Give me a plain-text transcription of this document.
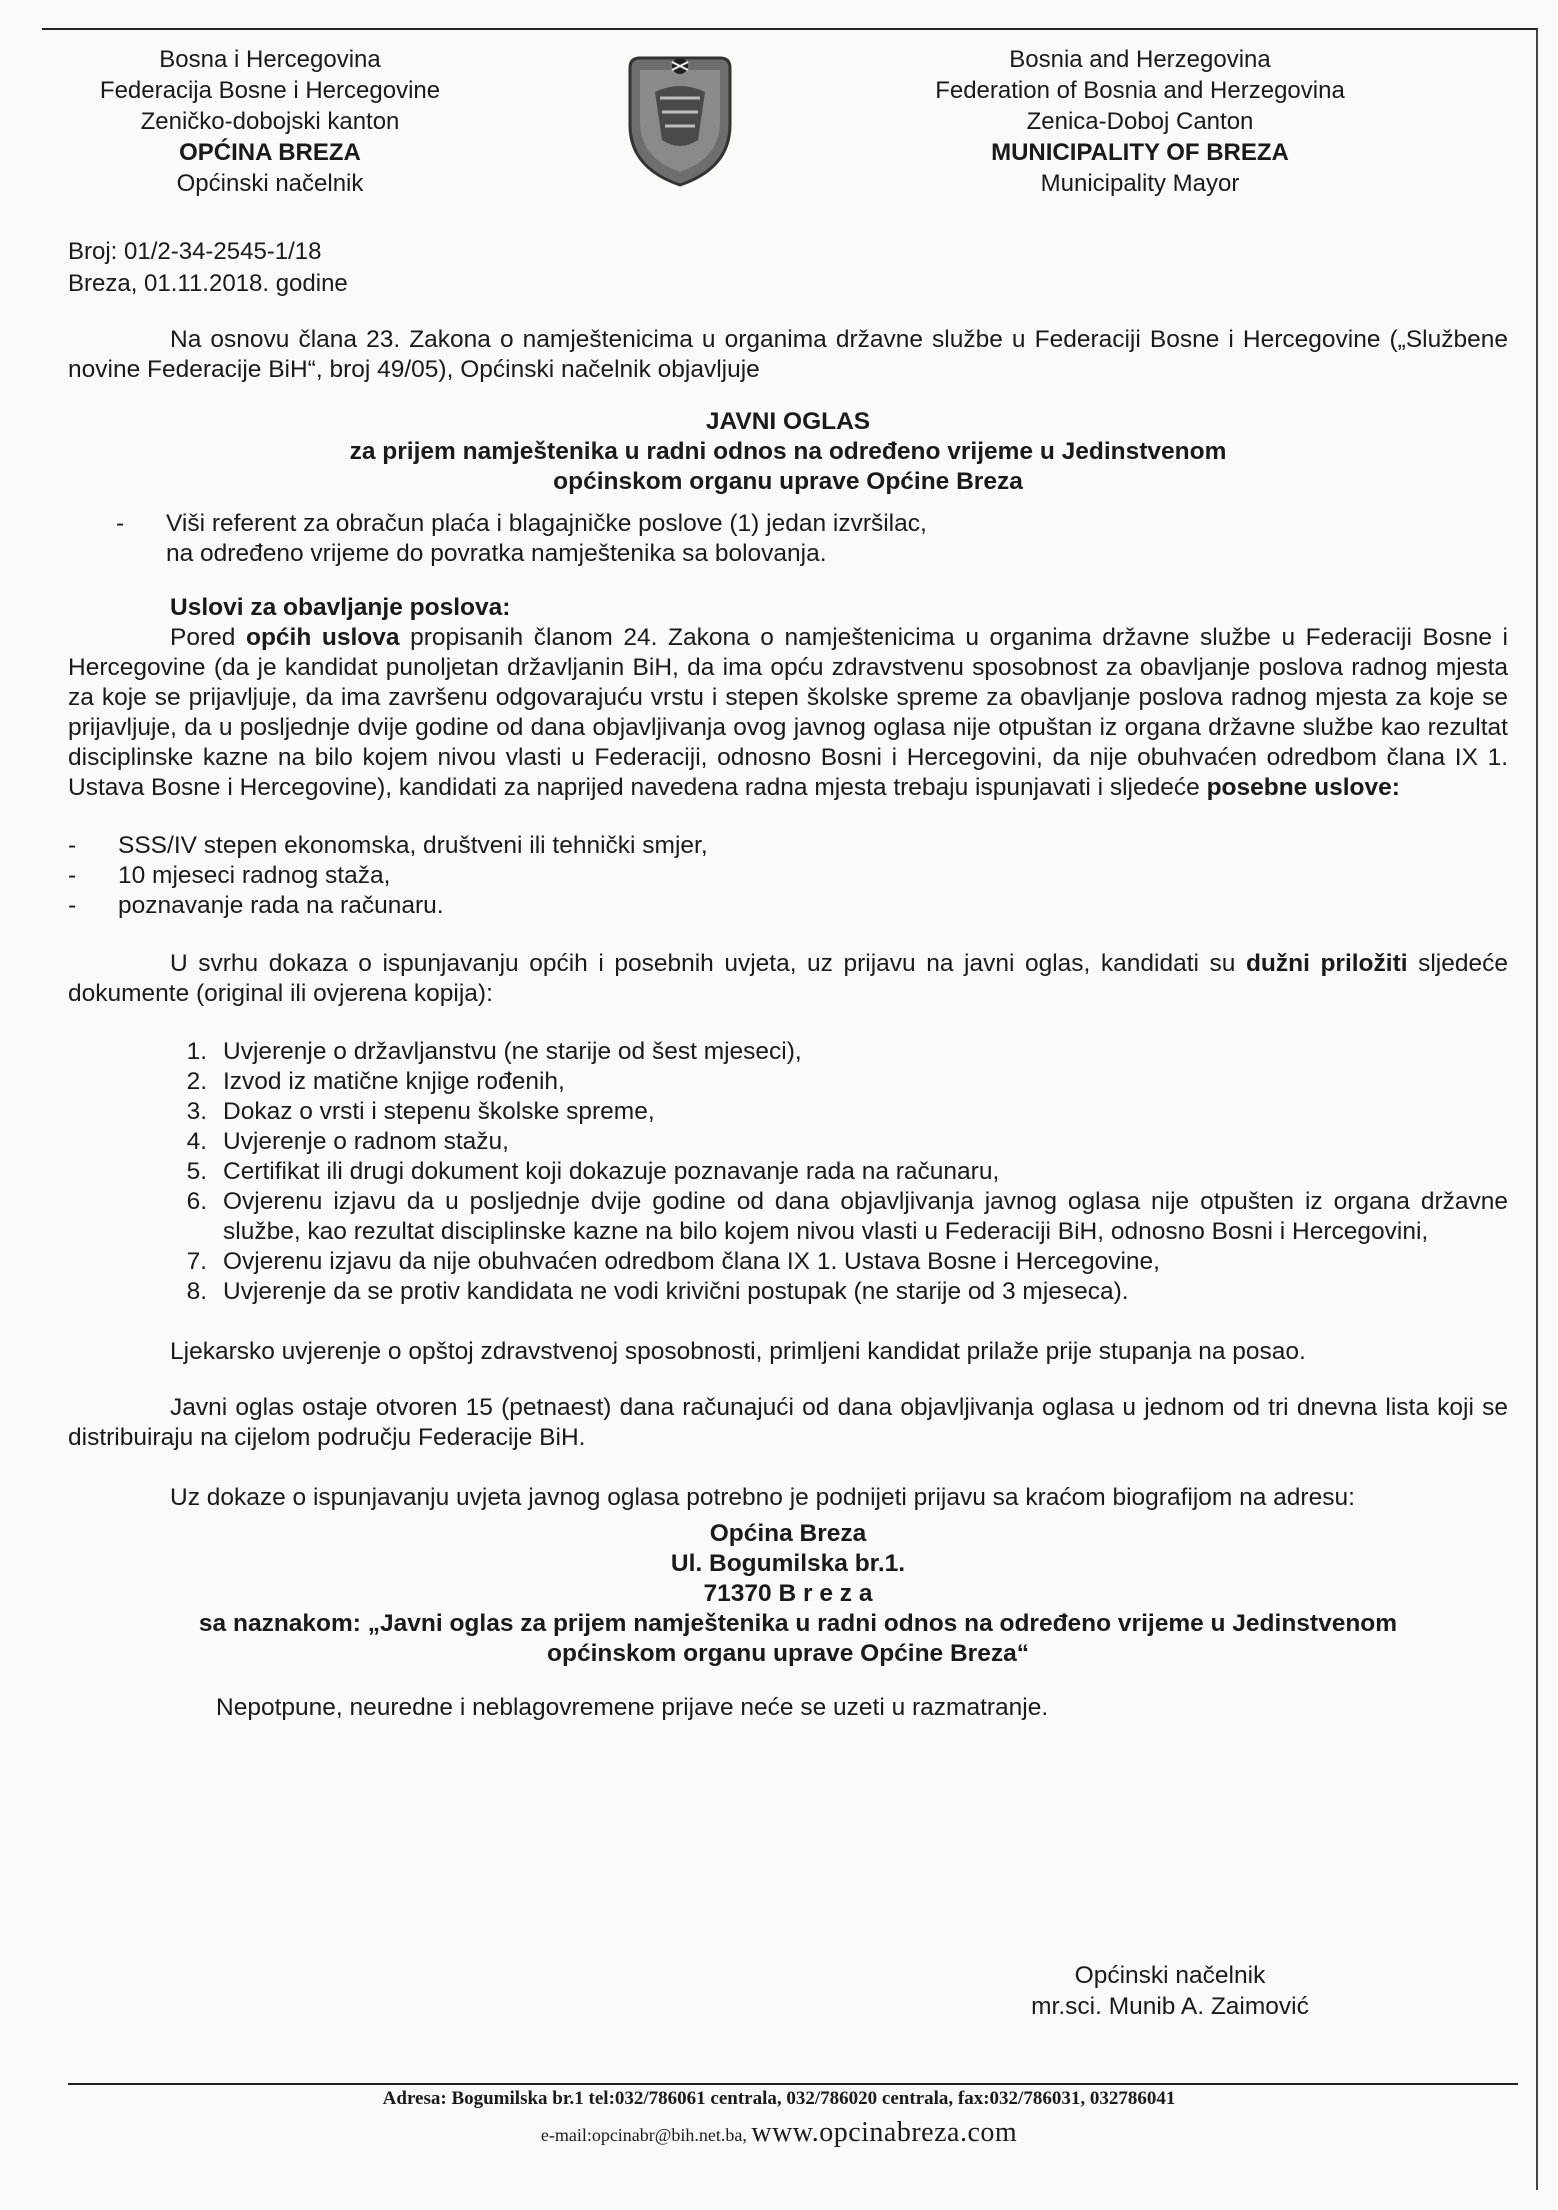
Bosna i Hercegovina
Federacija Bosne i Hercegovine
Zeničko-dobojski kanton
OPĆINA BREZA
Općinski načelnik
Bosnia and Herzegovina
Federation of Bosnia and Herzegovina
Zenica-Doboj Canton
MUNICIPALITY OF BREZA
Municipality Mayor
Broj: 01/2-34-2545-1/18
Breza, 01.11.2018. godine

Na osnovu člana 23. Zakona o namještenicima u organima državne službe u Federaciji Bosne i Hercegovine („Službene novine Federacije BiH“, broj 49/05), Općinski načelnik objavljuje

JAVNI OGLAS

za prijem namještenika u radni odnos na određeno vrijeme u Jedinstvenom

općinskom organu uprave Općine Breza

-	Viši referent za obračun plaća i blagajničke poslove (1) jedan izvršilac,
na određeno vrijeme do povratka namještenika sa bolovanja.

Uslovi za obavljanje poslova:

Pored općih uslova propisanih članom 24. Zakona o namještenicima u organima državne službe u Federaciji Bosne i Hercegovine (da je kandidat punoljetan državljanin BiH, da ima opću zdravstvenu sposobnost za obavljanje poslova radnog mjesta za koje se prijavljuje, da ima završenu odgovarajuću vrstu i stepen školske spreme za obavljanje poslova radnog mjesta za koje se prijavljuje, da u posljednje dvije godine od dana objavljivanja ovog javnog oglasa nije otpuštan iz organa državne službe kao rezultat disciplinske kazne na bilo kojem nivou vlasti u Federaciji, odnosno Bosni i Hercegovini, da nije obuhvaćen odredbom člana IX 1. Ustava Bosne i Hercegovine), kandidati za naprijed navedena radna mjesta trebaju ispunjavati i sljedeće posebne uslove:

-	SSS/IV stepen ekonomska, društveni ili tehnički smjer,
-	10 mjeseci radnog staža,
-	poznavanje rada na računaru.

U svrhu dokaza o ispunjavanju općih i posebnih uvjeta, uz prijavu na javni oglas, kandidati su dužni priložiti sljedeće dokumente (original ili ovjerena kopija):

1. Uvjerenje o državljanstvu (ne starije od šest mjeseci),
2. Izvod iz matične knjige rođenih,
3. Dokaz o vrsti i stepenu školske spreme,
4. Uvjerenje o radnom stažu,
5. Certifikat ili drugi dokument koji dokazuje poznavanje rada na računaru,
6. Ovjerenu izjavu da u posljednje dvije godine od dana objavljivanja javnog oglasa nije otpušten iz organa državne službe, kao rezultat disciplinske kazne na bilo kojem nivou vlasti u Federaciji BiH, odnosno Bosni i Hercegovini,
7. Ovjerenu izjavu da nije obuhvaćen odredbom člana IX 1. Ustava Bosne i Hercegovine,
8. Uvjerenje da se protiv kandidata ne vodi krivični postupak (ne starije od 3 mjeseca).

Ljekarsko uvjerenje o opštoj zdravstvenoj sposobnosti, primljeni kandidat prilaže prije stupanja na posao.

Javni oglas ostaje otvoren 15 (petnaest) dana računajući od dana objavljivanja oglasa u jednom od tri dnevna lista koji se distribuiraju na cijelom području Federacije BiH.

Uz dokaze o ispunjavanju uvjeta javnog oglasa potrebno je podnijeti prijavu sa kraćom biografijom na adresu:

Općina Breza

Ul. Bogumilska br.1.

71370 B r e z a

sa naznakom: „Javni oglas za prijem namještenika u radni odnos na određeno vrijeme u Jedinstvenom

općinskom organu uprave Općine Breza“

Nepotpune, neuredne i neblagovremene prijave neće se uzeti u razmatranje.

Općinski načelnik
mr.sci. Munib A. Zaimović
Adresa: Bogumilska br.1 tel:032/786061 centrala, 032/786020 centrala, fax:032/786031, 032786041
e-mail:opcinabr@bih.net.ba, www.opcinabreza.com
